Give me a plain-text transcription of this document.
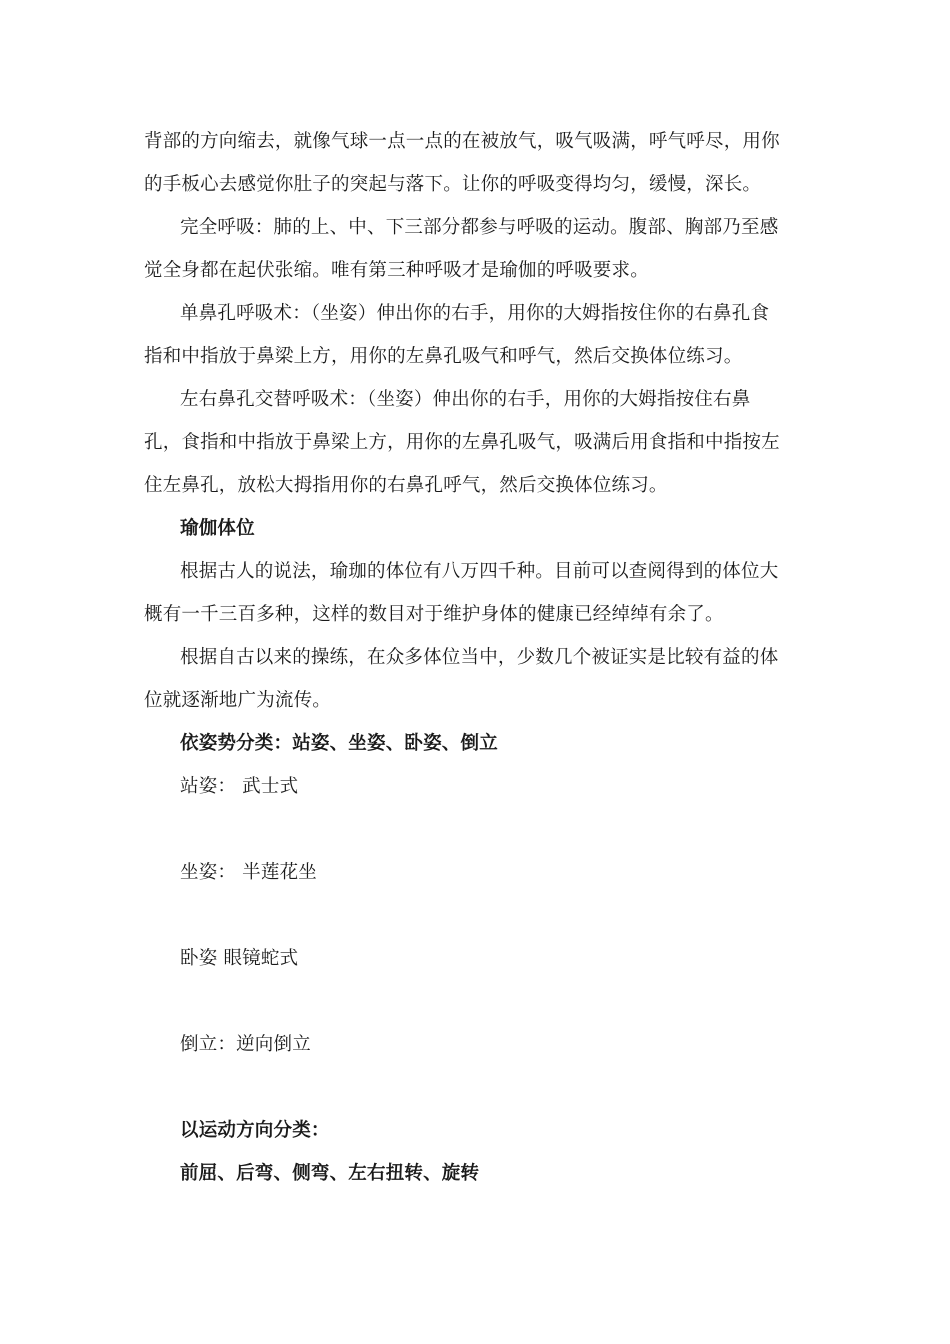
背部的方向缩去，就像气球一点一点的在被放气，吸气吸满，呼气呼尽，用你
的手板心去感觉你肚子的突起与落下。让你的呼吸变得均匀，缓慢，深长。
完全呼吸：肺的上、中、下三部分都参与呼吸的运动。腹部、胸部乃至感
觉全身都在起伏张缩。唯有第三种呼吸才是瑜伽的呼吸要求。
单鼻孔呼吸术：（坐姿）伸出你的右手，用你的大姆指按住你的右鼻孔食
指和中指放于鼻梁上方，用你的左鼻孔吸气和呼气，然后交换体位练习。
左右鼻孔交替呼吸术：（坐姿）伸出你的右手，用你的大姆指按住右鼻
孔，食指和中指放于鼻梁上方，用你的左鼻孔吸气，吸满后用食指和中指按左
住左鼻孔，放松大拇指用你的右鼻孔呼气，然后交换体位练习。
瑜伽体位
根据古人的说法，瑜珈的体位有八万四千种。目前可以查阅得到的体位大
概有一千三百多种，这样的数目对于维护身体的健康已经绰绰有余了。
根据自古以来的操练，在众多体位当中，少数几个被证实是比较有益的体
位就逐渐地广为流传。
依姿势分类：站姿、坐姿、卧姿、倒立
站姿： 武士式
坐姿： 半莲花坐
卧姿 眼镜蛇式
倒立：逆向倒立
以运动方向分类：
前屈、后弯、侧弯、左右扭转、旋转
